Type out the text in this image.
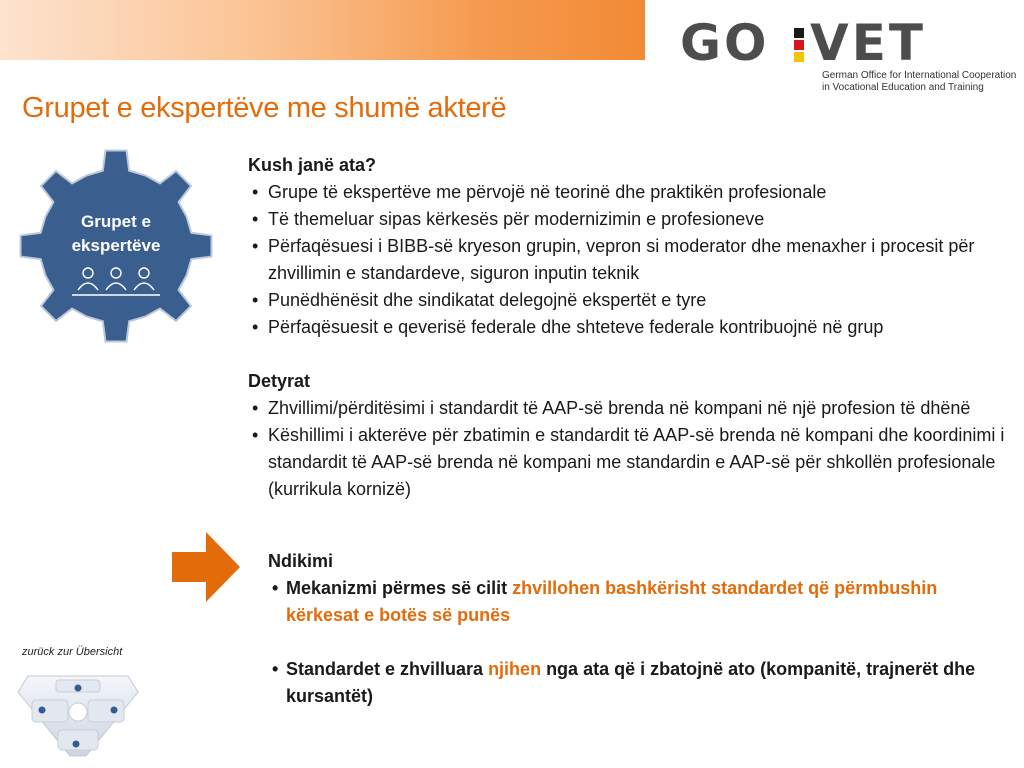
GO VET
German Office for International Cooperation
in Vocational Education and Training
Grupet e ekspertëve me shumë akterë
Grupet e
ekspertëve
Kush janë ata?
• Grupe të ekspertëve me përvojë në teorinë dhe praktikën profesionale
• Të themeluar sipas kërkesës për modernizimin e profesioneve
• Përfaqësuesi i BIBB-së kryeson grupin, vepron si moderator dhe menaxher i procesit për zhvillimin e standardeve, siguron inputin teknik
• Punëdhënësit dhe sindikatat delegojnë ekspertët e tyre
• Përfaqësuesit e qeverisë federale dhe shteteve federale kontribuojnë në grup
Detyrat
• Zhvillimi/përditësimi i standardit të AAP-së brenda në kompani në një profesion të dhënë
• Këshillimi i akterëve për zbatimin e standardit të AAP-së brenda në kompani dhe koordinimi i standardit të AAP-së brenda në kompani me standardin e AAP-së për shkollën profesionale (kurrikula kornizë)
Ndikimi
• Mekanizmi përmes së cilit zhvillohen bashkërisht standardet që përmbushin kërkesat e botës së punës
• Standardet e zhvilluara njihen nga ata që i zbatojnë ato (kompanitë, trajnerët dhe kursantët)
zurück zur Übersicht
